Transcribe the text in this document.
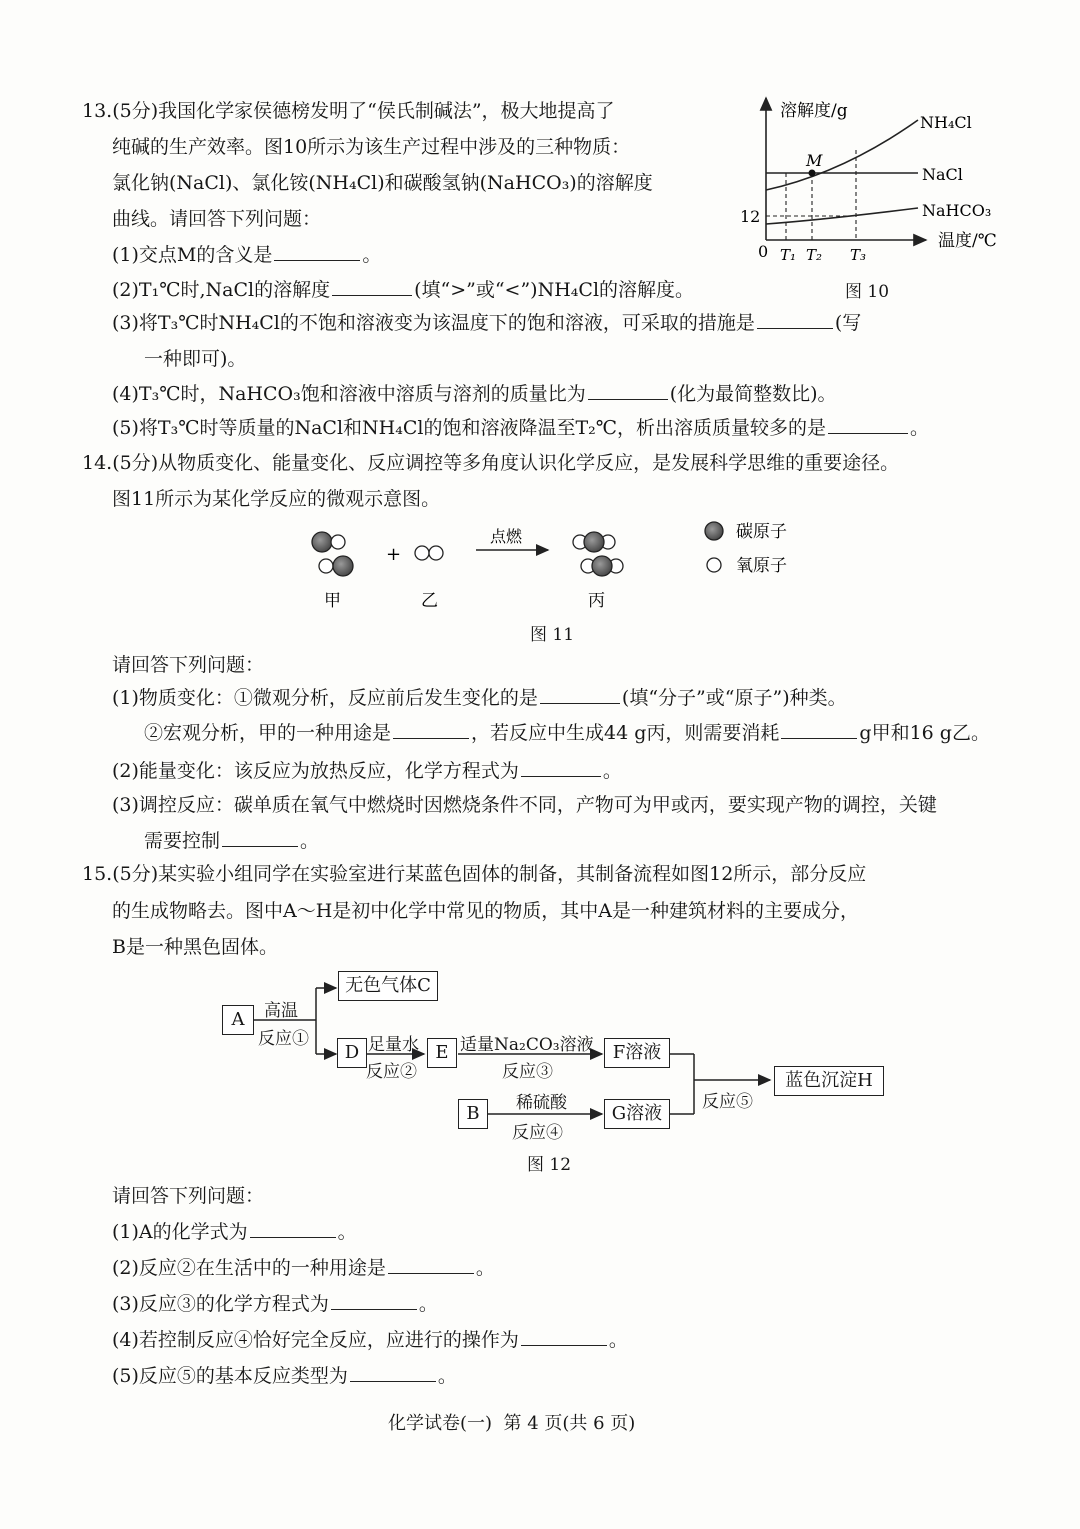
13.(5分)我国化学家侯德榜发明了“侯氏制碱法”，极大地提高了
纯碱的生产效率。图10所示为该生产过程中涉及的三种物质：
氯化钠(NaCl)、氯化铵(NH₄Cl)和碳酸氢钠(NaHCO₃)的溶解度
曲线。请回答下列问题：
(1)交点M的含义是	。
(2)T₁℃时,NaCl的溶解度	(填“>”或“<”)NH₄Cl的溶解度。
(3)将T₃℃时NH₄Cl的不饱和溶液变为该温度下的饱和溶液，可采取的措施是	(写
一种即可)。
(4)T₃℃时，NaHCO₃饱和溶液中溶质与溶剂的质量比为	(化为最简整数比)。
(5)将T₃℃时等质量的NaCl和NH₄Cl的饱和溶液降温至T₂℃，析出溶质质量较多的是	。
溶解度/g
温度/℃
NH₄Cl
NaCl
NaHCO₃
M
12
0 T₁ T₂ T₃
图 10
14.(5分)从物质变化、能量变化、反应调控等多角度认识化学反应，是发展科学思维的重要途径。
图11所示为某化学反应的微观示意图。
+
点燃	碳原子
氧原子
甲	乙	丙
图 11
请回答下列问题：
(1)物质变化：①微观分析，反应前后发生变化的是	(填“分子”或“原子”)种类。
②宏观分析，甲的一种用途是	，若反应中生成44 g丙，则需要消耗	g甲和16 g乙。
(2)能量变化：该反应为放热反应，化学方程式为	。
(3)调控反应：碳单质在氧气中燃烧时因燃烧条件不同，产物可为甲或丙，要实现产物的调控，关键
需要控制	。
15.(5分)某实验小组同学在实验室进行某蓝色固体的制备，其制备流程如图12所示，部分反应
的生成物略去。图中A～H是初中化学中常见的物质，其中A是一种建筑材料的主要成分，
B是一种黑色固体。
A
无色气体C
D	E	F溶液
B	G溶液
蓝色沉淀H
高温
反应①	足量水
反应②
适量Na₂CO₃溶液
反应③
稀硫酸
反应④
反应⑤
图 12
请回答下列问题：
(1)A的化学式为	。
(2)反应②在生活中的一种用途是	。
(3)反应③的化学方程式为	。
(4)若控制反应④恰好完全反应，应进行的操作为	。
(5)反应⑤的基本反应类型为	。
化学试卷(一)  第 4 页(共 6 页)
